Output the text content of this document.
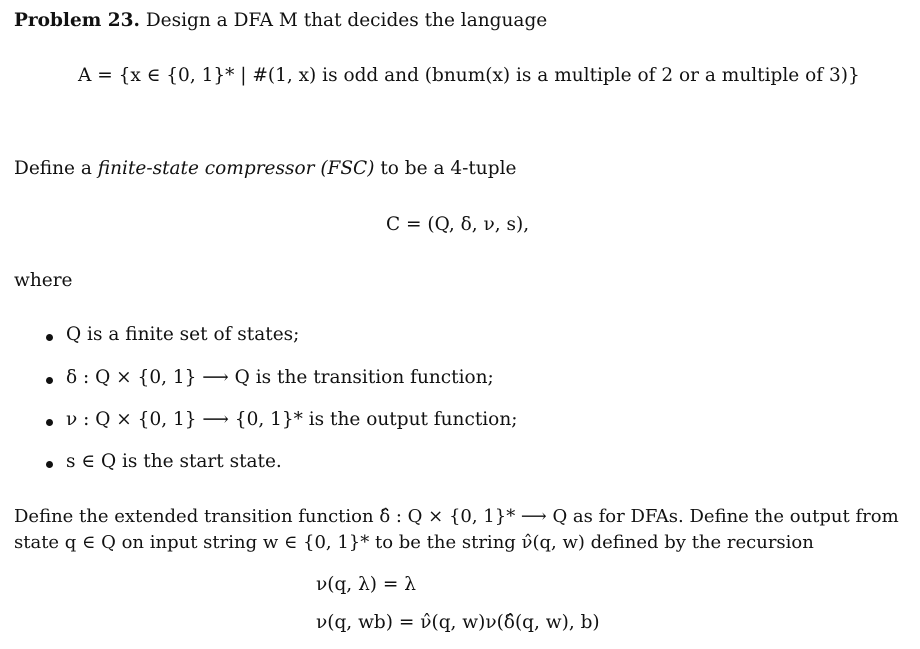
Problem 23. Design a DFA M that decides the language
A = {x ∈ {0, 1}* | #(1, x) is odd and (bnum(x) is a multiple of 2 or a multiple of 3)}
Define a finite-state compressor (FSC) to be a 4-tuple
C = (Q, δ, ν, s),
where
Q is a finite set of states;
δ : Q × {0, 1} ⟶ Q is the transition function;
ν : Q × {0, 1} ⟶ {0, 1}* is the output function;
s ∈ Q is the start state.
Define the extended transition function δ̂ : Q × {0, 1}* ⟶ Q as for DFAs. Define the output from
state q ∈ Q on input string w ∈ {0, 1}* to be the string ν̂(q, w) defined by the recursion
ν(q, λ) = λ
ν(q, wb) = ν̂(q, w)ν(δ̂(q, w), b)
